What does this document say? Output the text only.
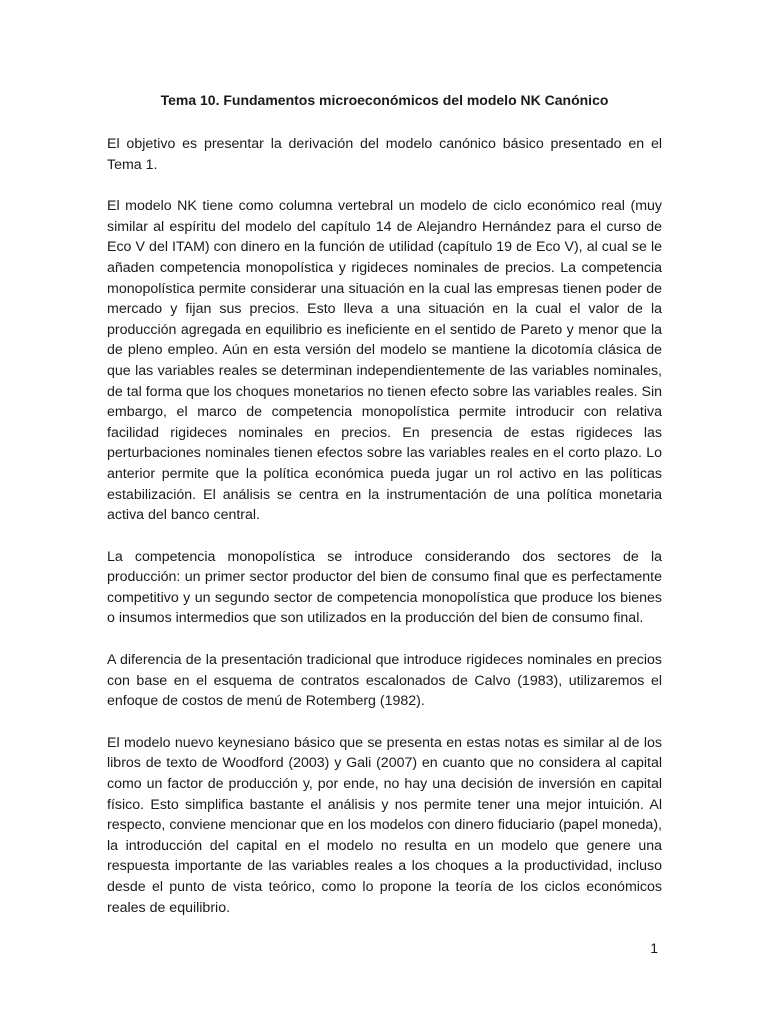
Tema 10. Fundamentos microeconómicos del modelo NK Canónico

El objetivo es presentar la derivación del modelo canónico básico presentado en el Tema 1.

El modelo NK tiene como columna vertebral un modelo de ciclo económico real (muy similar al espíritu del modelo del capítulo 14 de Alejandro Hernández para el curso de Eco V del ITAM) con dinero en la función de utilidad (capítulo 19 de Eco V), al cual se le añaden competencia monopolística y rigideces nominales de precios. La competencia monopolística permite considerar una situación en la cual las empresas tienen poder de mercado y fijan sus precios. Esto lleva a una situación en la cual el valor de la producción agregada en equilibrio es ineficiente en el sentido de Pareto y menor que la de pleno empleo. Aún en esta versión del modelo se mantiene la dicotomía clásica de que las variables reales se determinan independientemente de las variables nominales, de tal forma que los choques monetarios no tienen efecto sobre las variables reales. Sin embargo, el marco de competencia monopolística permite introducir con relativa facilidad rigideces nominales en precios. En presencia de estas rigideces las perturbaciones nominales tienen efectos sobre las variables reales en el corto plazo. Lo anterior permite que la política económica pueda jugar un rol activo en las políticas estabilización. El análisis se centra en la instrumentación de una política monetaria activa del banco central.

La competencia monopolística se introduce considerando dos sectores de la producción: un primer sector productor del bien de consumo final que es perfectamente competitivo y un segundo sector de competencia monopolística que produce los bienes o insumos intermedios que son utilizados en la producción del bien de consumo final.

A diferencia de la presentación tradicional que introduce rigideces nominales en precios con base en el esquema de contratos escalonados de Calvo (1983), utilizaremos el enfoque de costos de menú de Rotemberg (1982).

El modelo nuevo keynesiano básico que se presenta en estas notas es similar al de los libros de texto de Woodford (2003) y Gali (2007) en cuanto que no considera al capital como un factor de producción y, por ende, no hay una decisión de inversión en capital físico. Esto simplifica bastante el análisis y nos permite tener una mejor intuición. Al respecto, conviene mencionar que en los modelos con dinero fiduciario (papel moneda), la introducción del capital en el modelo no resulta en un modelo que genere una respuesta importante de las variables reales a los choques a la productividad, incluso desde el punto de vista teórico, como lo propone la teoría de los ciclos económicos reales de equilibrio.

1
